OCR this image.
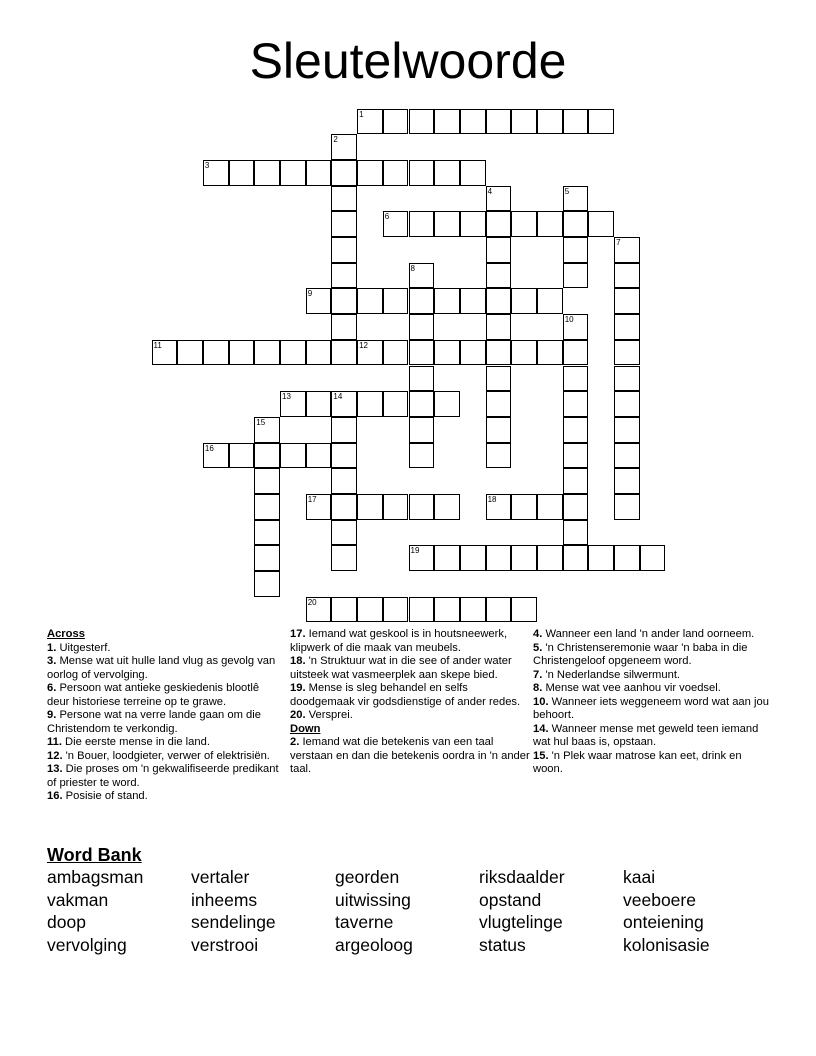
Sleutelwoorde
1
2
3
4	5
6
7
8
9
10
11	12
13	14
15
16
17	18
19
20
Across
1. Uitgesterf.
3. Mense wat uit hulle land vlug as gevolg van oorlog of vervolging.
6. Persoon wat antieke geskiedenis blootlê deur historiese terreine op te grawe.
9. Persone wat na verre lande gaan om die Christendom te verkondig.
11. Die eerste mense in die land.
12. 'n Bouer, loodgieter, verwer of elektrisiën.
13. Die proses om 'n gekwalifiseerde predikant of priester te word.
16. Posisie of stand.
17. Iemand wat geskool is in houtsneewerk, klipwerk of die maak van meubels.
18. 'n Struktuur wat in die see of ander water uitsteek wat vasmeerplek aan skepe bied.
19. Mense is sleg behandel en selfs doodgemaak vir godsdienstige of ander redes.
20. Versprei.
Down
2. Iemand wat die betekenis van een taal verstaan en dan die betekenis oordra in 'n ander taal.
4. Wanneer een land 'n ander land oorneem.
5. 'n Christenseremonie waar 'n baba in die Christengeloof opgeneem word.
7. 'n Nederlandse silwermunt.
8. Mense wat vee aanhou vir voedsel.
10. Wanneer iets weggeneem word wat aan jou behoort.
14. Wanneer mense met geweld teen iemand wat hul baas is, opstaan.
15. 'n Plek waar matrose kan eet, drink en woon.
Word Bank
ambagsman	vertaler	georden	riksdaalder	kaai
vakman	inheems	uitwissing	opstand	veeboere
doop	sendelinge	taverne	vlugtelinge	onteiening
vervolging	verstrooi	argeoloog	status	kolonisasie
